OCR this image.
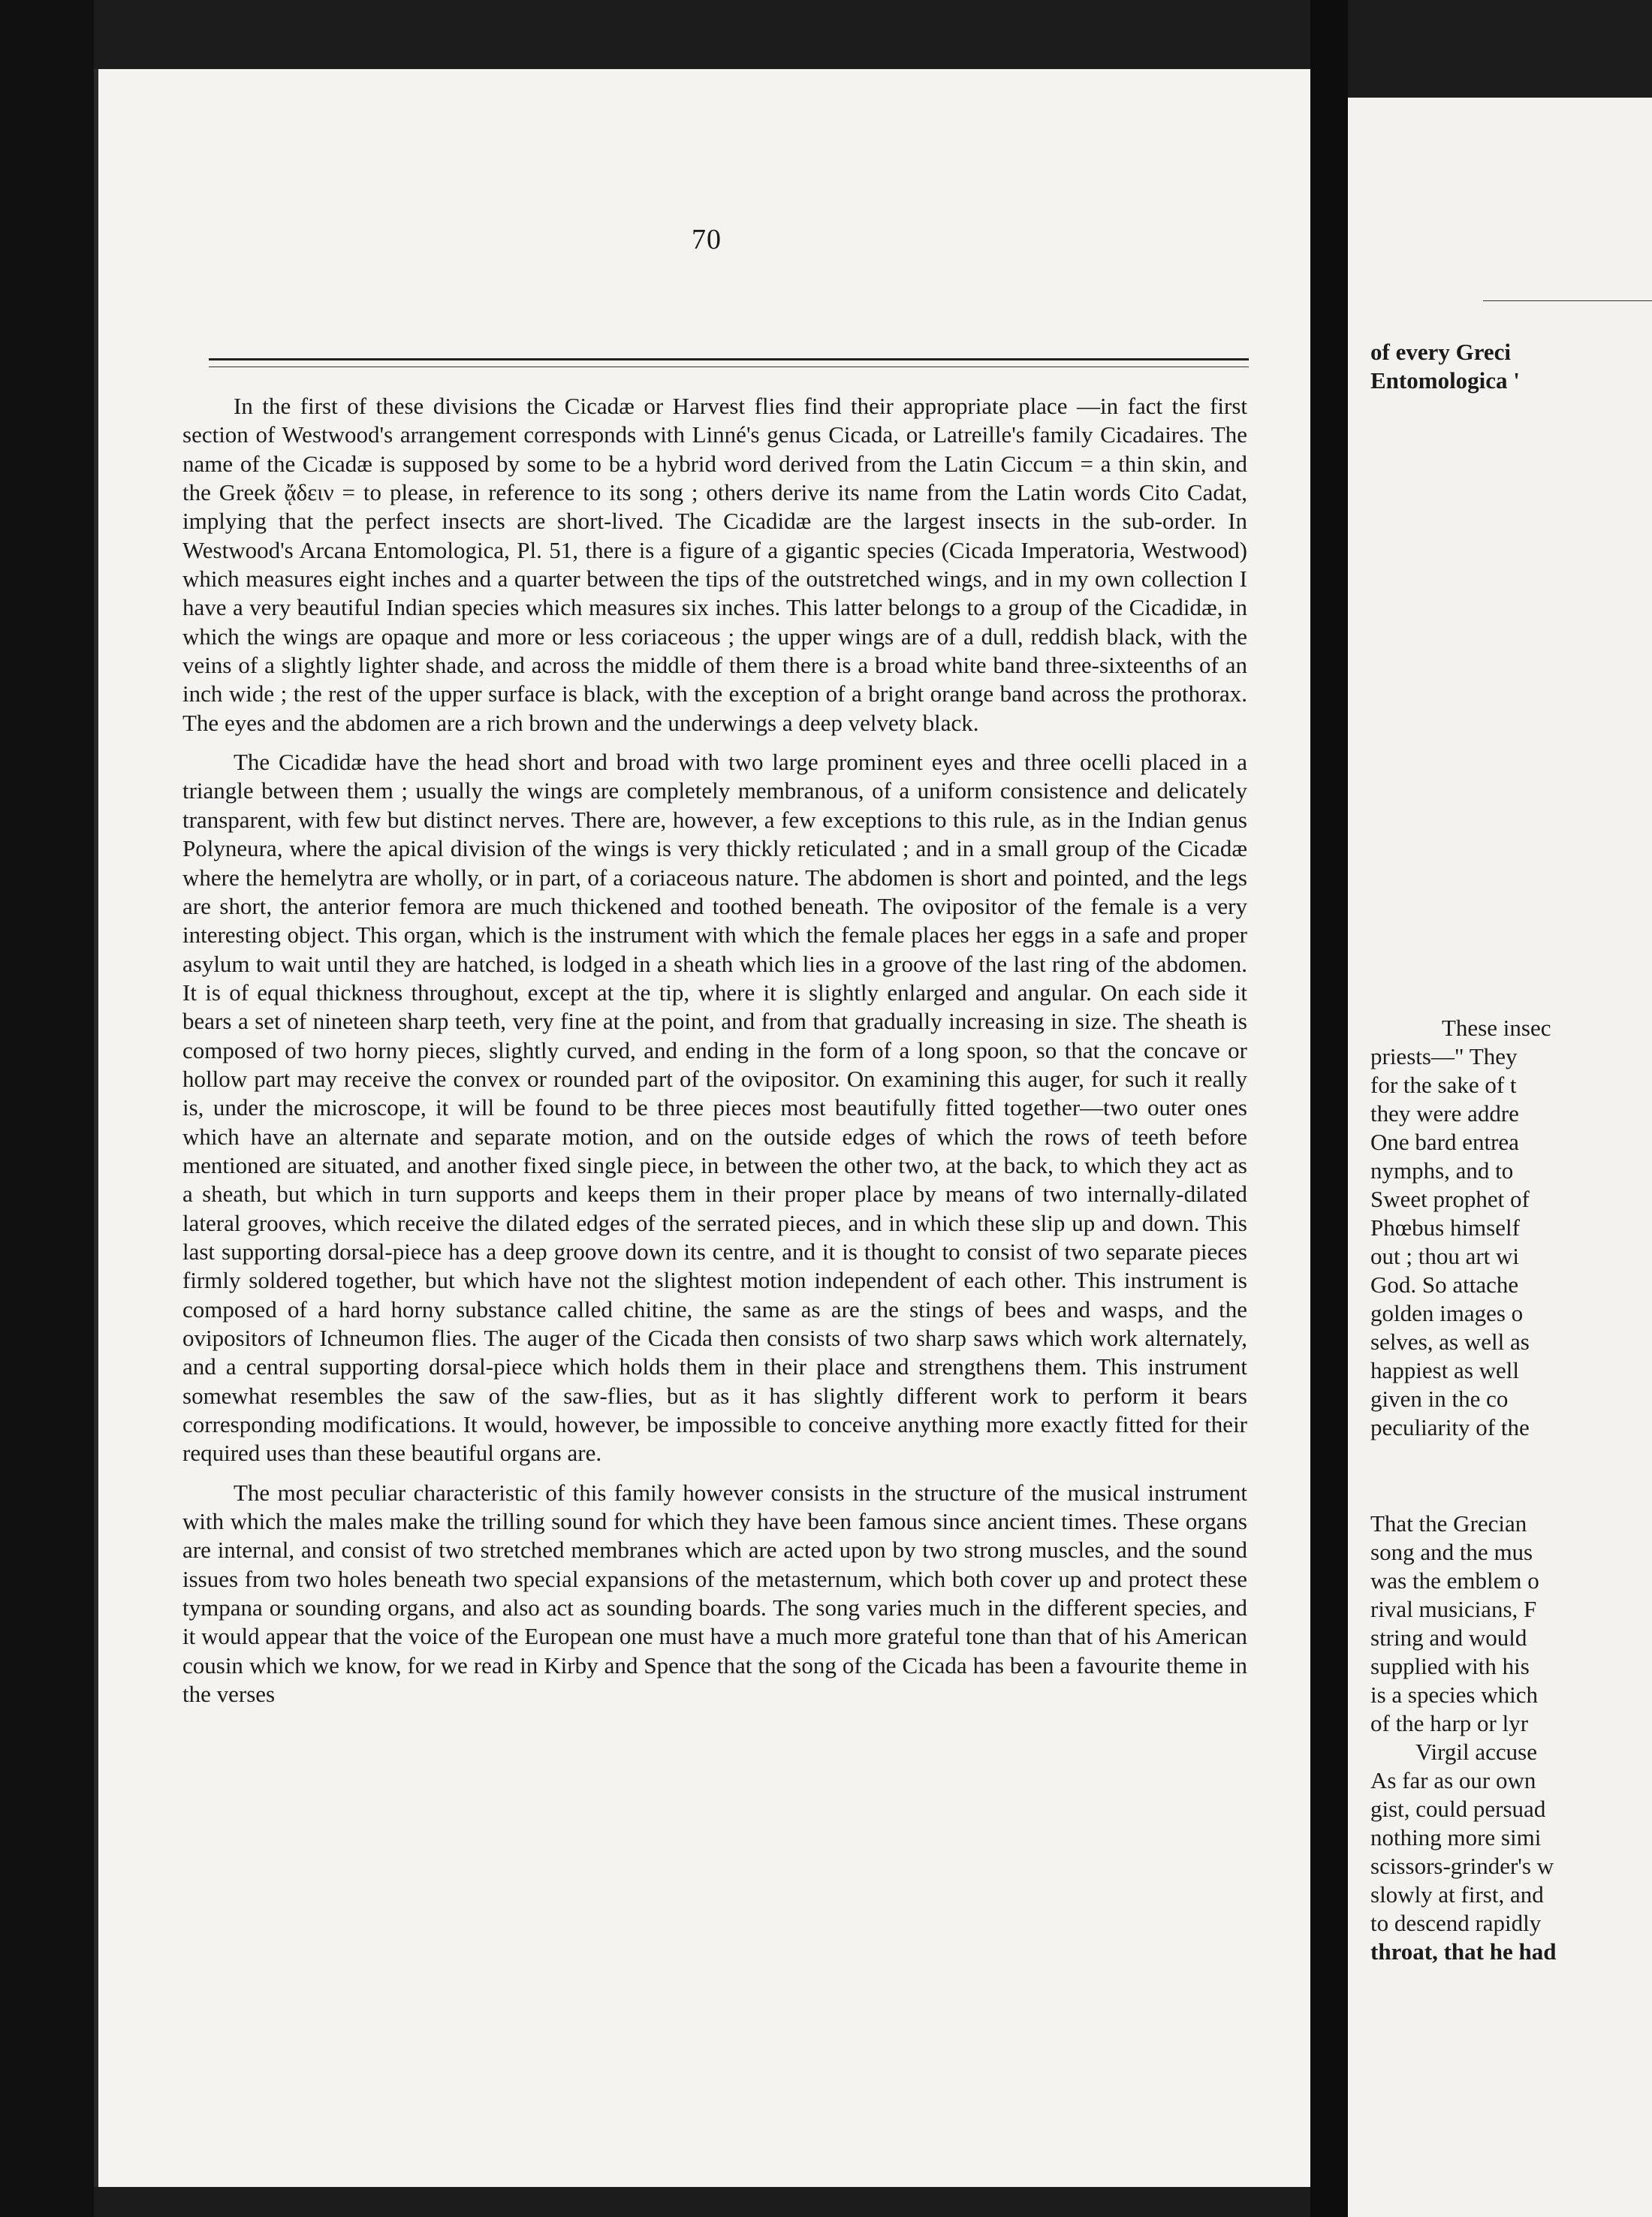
70

In the first of these divisions the Cicadæ or Harvest flies find their appropriate place —in fact the first section of Westwood's arrangement corresponds with Linné's genus Cicada, or Latreille's family Cicadaires. The name of the Cicadæ is supposed by some to be a hybrid word derived from the Latin Ciccum = a thin skin, and the Greek ᾄδειν = to please, in reference to its song ; others derive its name from the Latin words Cito Cadat, implying that the perfect insects are short-lived. The Cicadidæ are the largest insects in the sub-order. In Westwood's Arcana Entomologica, Pl. 51, there is a figure of a gigantic species (Cicada Imperatoria, Westwood) which measures eight inches and a quarter between the tips of the outstretched wings, and in my own collection I have a very beautiful Indian species which measures six inches. This latter belongs to a group of the Cicadidæ, in which the wings are opaque and more or less coriaceous ; the upper wings are of a dull, reddish black, with the veins of a slightly lighter shade, and across the middle of them there is a broad white band three-sixteenths of an inch wide ; the rest of the upper surface is black, with the exception of a bright orange band across the prothorax. The eyes and the abdomen are a rich brown and the underwings a deep velvety black.

The Cicadidæ have the head short and broad with two large prominent eyes and three ocelli placed in a triangle between them ; usually the wings are completely membranous, of a uniform consistence and delicately transparent, with few but distinct nerves. There are, however, a few exceptions to this rule, as in the Indian genus Polyneura, where the apical division of the wings is very thickly reticulated ; and in a small group of the Cicadæ where the hemelytra are wholly, or in part, of a coriaceous nature. The abdomen is short and pointed, and the legs are short, the anterior femora are much thickened and toothed beneath. The ovipositor of the female is a very interesting object. This organ, which is the instrument with which the female places her eggs in a safe and proper asylum to wait until they are hatched, is lodged in a sheath which lies in a groove of the last ring of the abdomen. It is of equal thickness throughout, except at the tip, where it is slightly enlarged and angular. On each side it bears a set of nineteen sharp teeth, very fine at the point, and from that gradually increasing in size. The sheath is composed of two horny pieces, slightly curved, and ending in the form of a long spoon, so that the concave or hollow part may receive the convex or rounded part of the ovipositor. On examining this auger, for such it really is, under the microscope, it will be found to be three pieces most beautifully fitted together—two outer ones which have an alternate and separate motion, and on the outside edges of which the rows of teeth before mentioned are situated, and another fixed single piece, in between the other two, at the back, to which they act as a sheath, but which in turn supports and keeps them in their proper place by means of two internally-dilated lateral grooves, which receive the dilated edges of the serrated pieces, and in which these slip up and down. This last supporting dorsal-piece has a deep groove down its centre, and it is thought to consist of two separate pieces firmly soldered together, but which have not the slightest motion independent of each other. This instrument is composed of a hard horny substance called chitine, the same as are the stings of bees and wasps, and the ovipositors of Ichneumon flies. The auger of the Cicada then consists of two sharp saws which work alternately, and a central supporting dorsal-piece which holds them in their place and strengthens them. This instrument somewhat resembles the saw of the saw-flies, but as it has slightly different work to perform it bears corresponding modifications. It would, however, be impossible to conceive anything more exactly fitted for their required uses than these beautiful organs are.

The most peculiar characteristic of this family however consists in the structure of the musical instrument with which the males make the trilling sound for which they have been famous since ancient times. These organs are internal, and consist of two stretched membranes which are acted upon by two strong muscles, and the sound issues from two holes beneath two special expansions of the metasternum, which both cover up and protect these tympana or sounding organs, and also act as sounding boards. The song varies much in the different species, and it would appear that the voice of the European one must have a much more grateful tone than that of his American cousin which we know, for we read in Kirby and Spence that the song of the Cicada has been a favourite theme in the verses

of every Greci
Entomologica '
These insec
priests—" They
for the sake of t
they were addre
One bard entrea
nymphs, and to
Sweet prophet of
Phœbus himself
out ; thou art wi
God. So attache
golden images o
selves, as well as
happiest as well
given in the co
peculiarity of the
That the Grecian
song and the mus
was the emblem o
rival musicians, F
string and would
supplied with his
is a species which
of the harp or lyr
Virgil accuse
As far as our own
gist, could persuad
nothing more simi
scissors-grinder's w
slowly at first, and
to descend rapidly
throat, that he had
